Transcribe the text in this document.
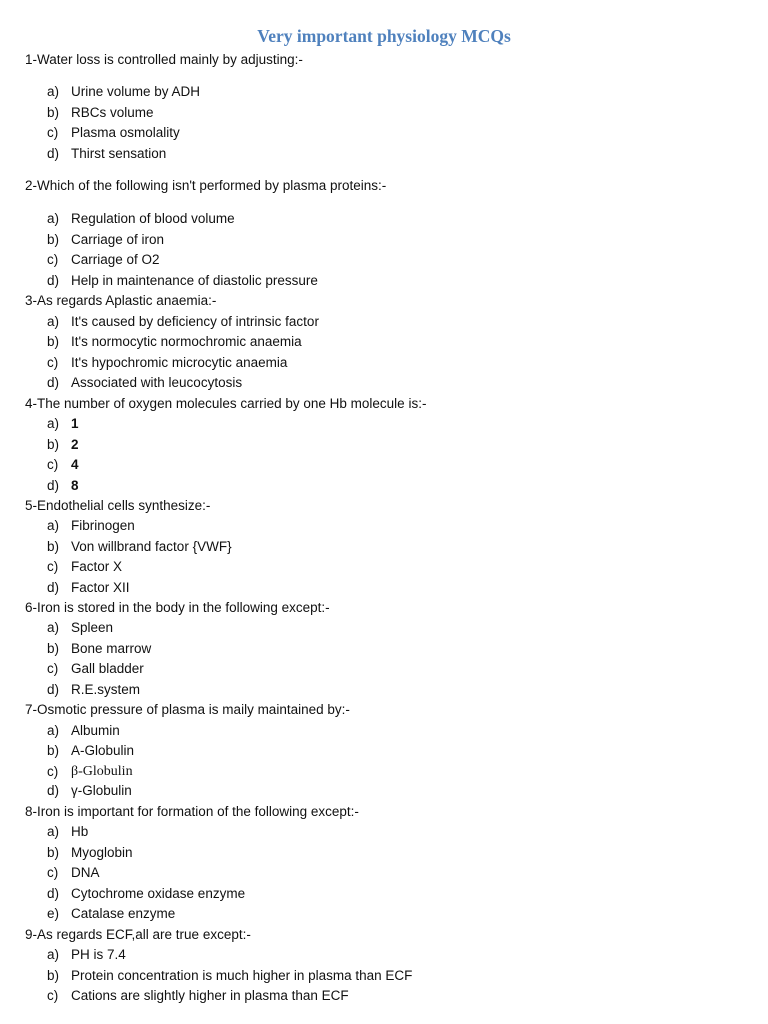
Very important physiology MCQs
1-Water loss is controlled mainly by adjusting:-
a) Urine volume by ADH
b) RBCs volume
c) Plasma osmolality
d) Thirst sensation
2-Which of the following isn't performed by plasma proteins:-
a) Regulation of blood volume
b) Carriage of iron
c) Carriage of O2
d) Help in maintenance of diastolic pressure
3-As regards Aplastic anaemia:-
a) It's caused by deficiency of intrinsic factor
b) It's normocytic normochromic anaemia
c) It's hypochromic microcytic anaemia
d) Associated with leucocytosis
4-The number of oxygen molecules carried by one Hb molecule is:-
a) 1
b) 2
c) 4
d) 8
5-Endothelial cells synthesize:-
a) Fibrinogen
b) Von willbrand factor {VWF}
c) Factor X
d) Factor XII
6-Iron is stored in the body in the following except:-
a) Spleen
b) Bone marrow
c) Gall bladder
d) R.E.system
7-Osmotic pressure of plasma is maily maintained by:-
a) Albumin
b) Α-Globulin
c) β-Globulin
d) γ-Globulin
8-Iron is important for formation of the following except:-
a) Hb
b) Myoglobin
c) DNA
d) Cytochrome oxidase enzyme
e) Catalase enzyme
9-As regards ECF,all are true except:-
a) PH is 7.4
b) Protein concentration is much higher in plasma than ECF
c) Cations are slightly higher in plasma than ECF
